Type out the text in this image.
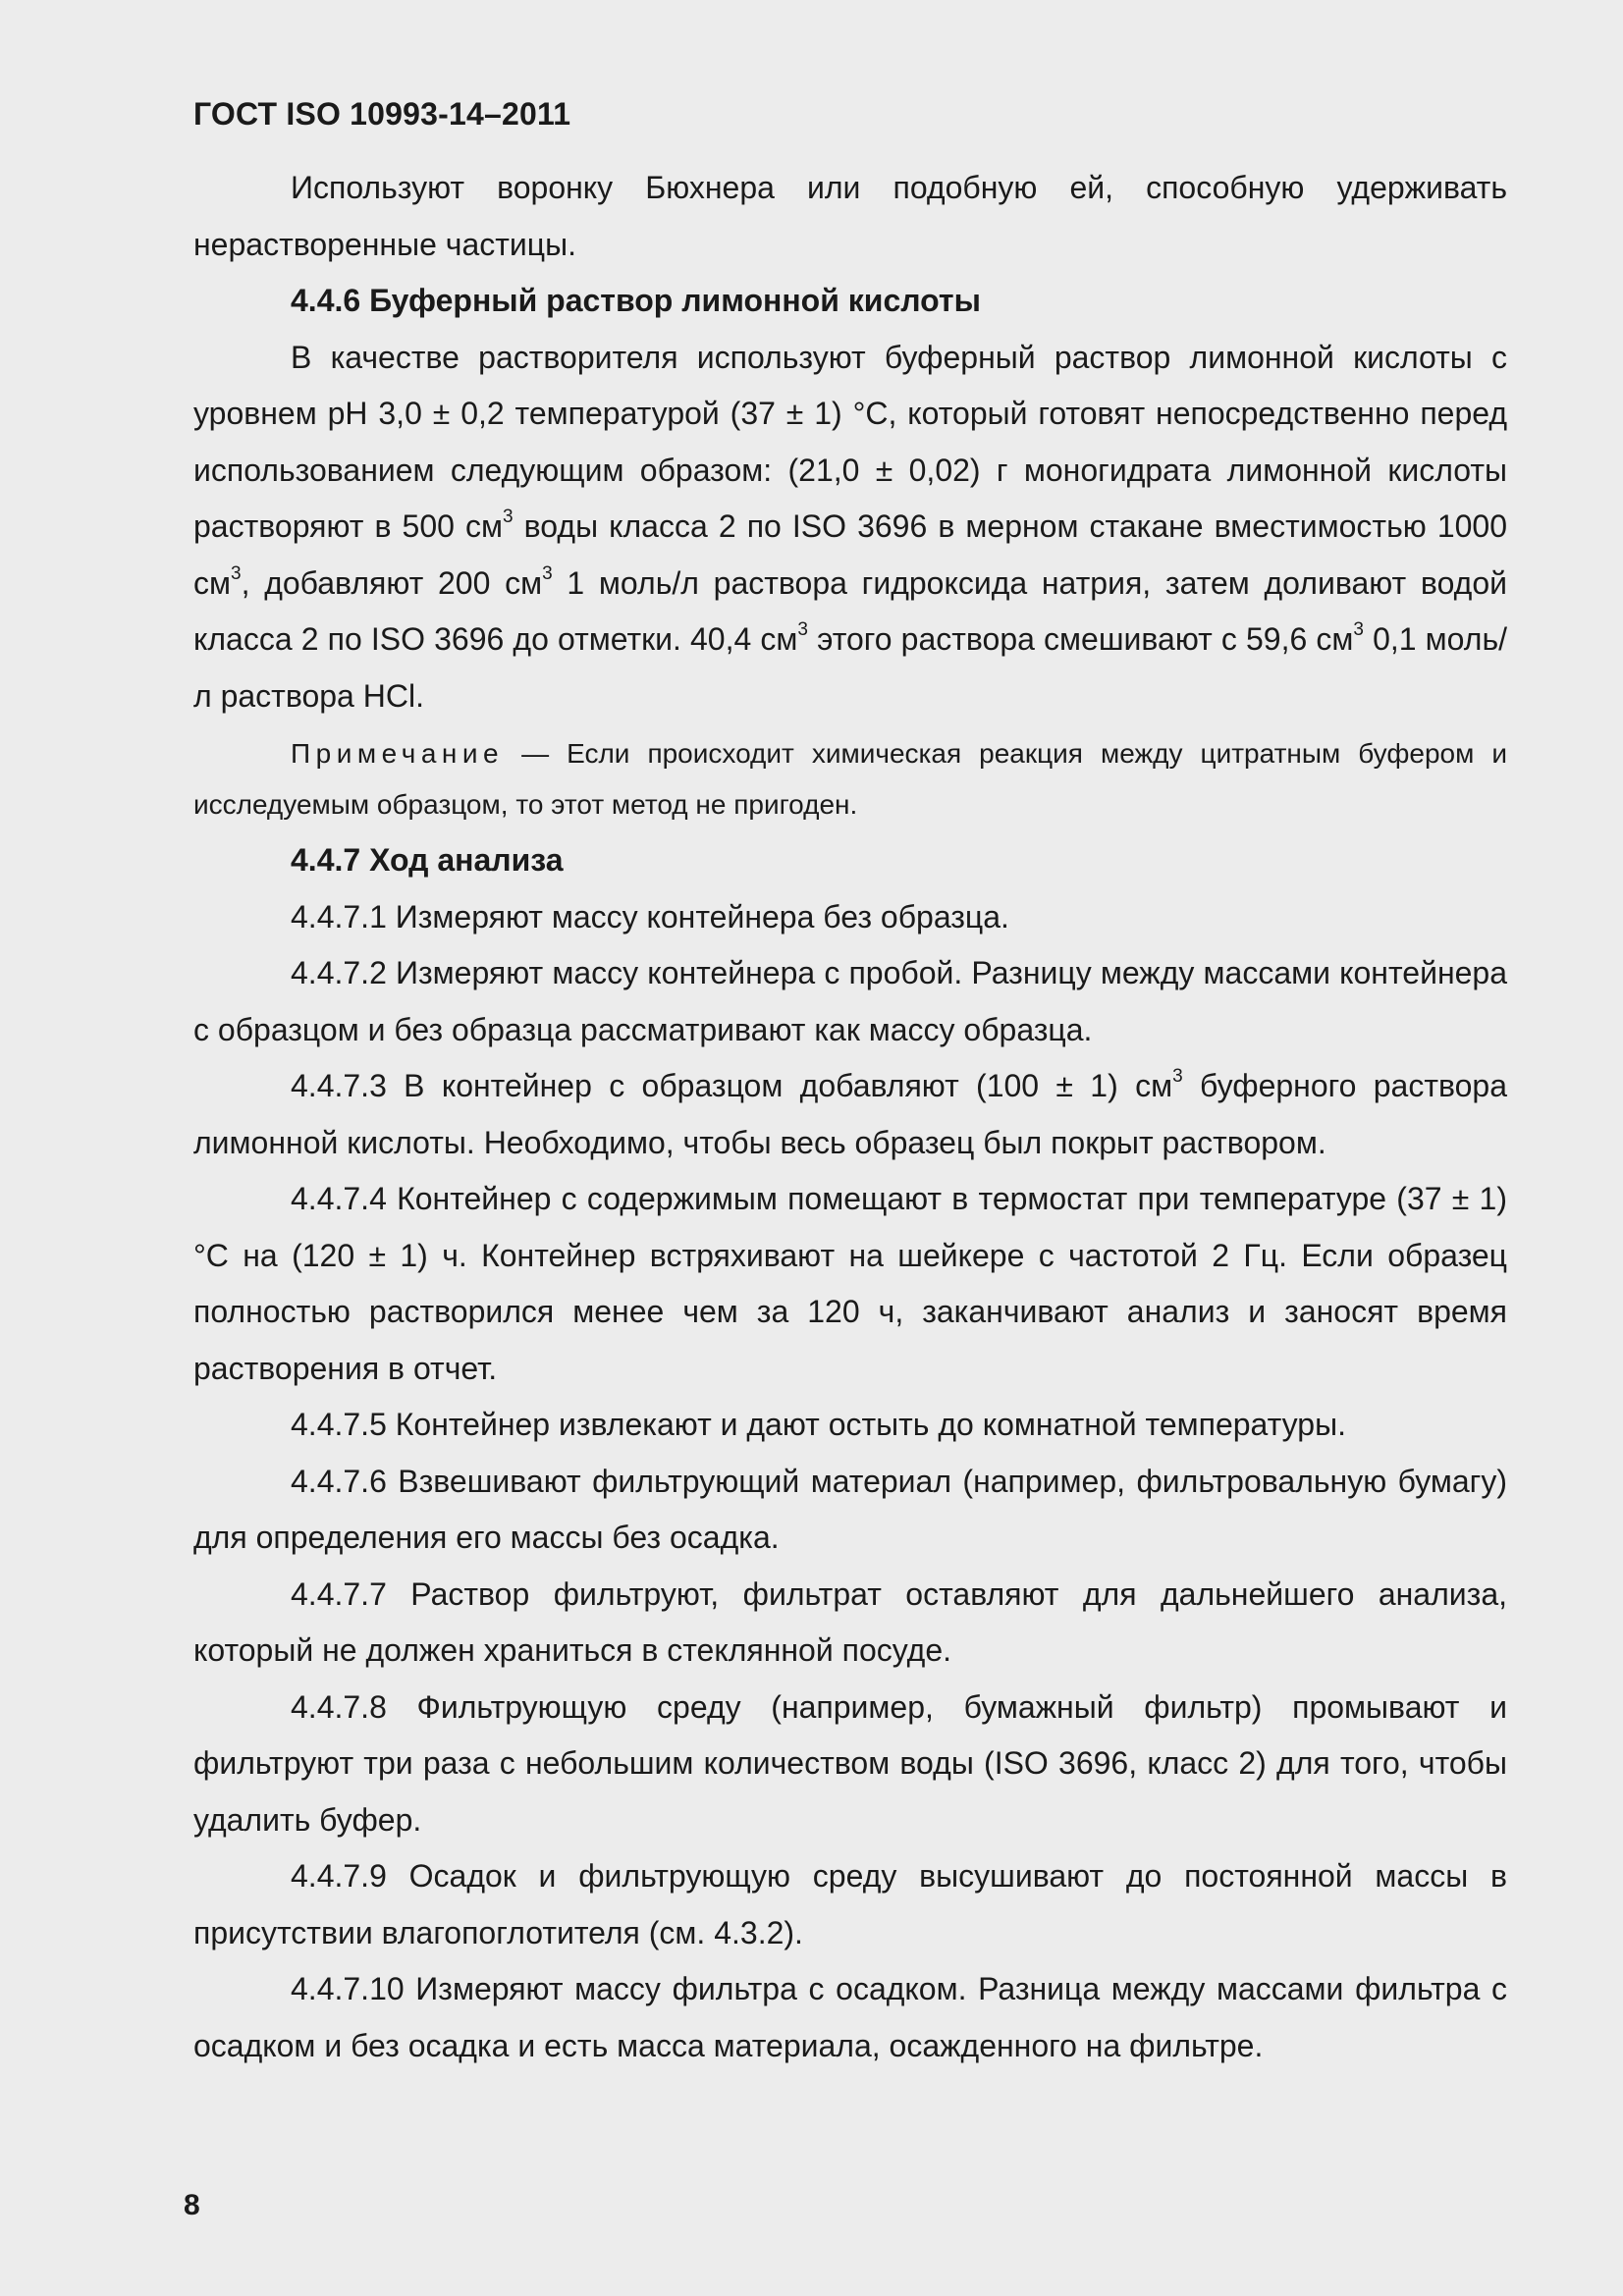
ГОСТ ISO 10993-14–2011

Используют воронку Бюхнера или подобную ей, способную удерживать нерастворенные частицы.

4.4.6 Буферный раствор лимонной кислоты

В качестве растворителя используют буферный раствор лимонной кислоты с уровнем pH 3,0 ± 0,2 температурой (37 ± 1) °С, который готовят непосредственно перед использованием следующим образом: (21,0 ± 0,02) г моногидрата лимонной кислоты растворяют в 500 $см^3$ воды класса 2 по ISO 3696 в мерном стакане вместимостью 1000 $см^3$, добавляют 200 $см^3$ 1 моль/л раствора гидроксида натрия, затем доливают водой класса 2 по ISO 3696 до отметки. 40,4 $см^3$ этого раствора смешивают с 59,6 $см^3$ 0,1 моль/л раствора HCl.

Примечание — Если происходит химическая реакция между цитратным буфером и исследуемым образцом, то этот метод не пригоден.

4.4.7 Ход анализа

4.4.7.1 Измеряют массу контейнера без образца.

4.4.7.2 Измеряют массу контейнера с пробой. Разницу между массами контейнера с образцом и без образца рассматривают как массу образца.

4.4.7.3 В контейнер с образцом добавляют (100 ± 1) $см^3$ буферного раствора лимонной кислоты. Необходимо, чтобы весь образец был покрыт раствором.

4.4.7.4 Контейнер с содержимым помещают в термостат при температуре (37 ± 1) °С на (120 ± 1) ч. Контейнер встряхивают на шейкере с частотой 2 Гц. Если образец полностью растворился менее чем за 120 ч, заканчивают анализ и заносят время растворения в отчет.

4.4.7.5 Контейнер извлекают и дают остыть до комнатной температуры.

4.4.7.6 Взвешивают фильтрующий материал (например, фильтровальную бумагу) для определения его массы без осадка.

4.4.7.7 Раствор фильтруют, фильтрат оставляют для дальнейшего анализа, который не должен храниться в стеклянной посуде.

4.4.7.8 Фильтрующую среду (например, бумажный фильтр) промывают и фильтруют три раза с небольшим количеством воды (ISO 3696, класс 2) для того, чтобы удалить буфер.

4.4.7.9 Осадок и фильтрующую среду высушивают до постоянной массы в присутствии влагопоглотителя (см. 4.3.2).

4.4.7.10 Измеряют массу фильтра с осадком. Разница между массами фильтра с осадком и без осадка и есть масса материала, осажденного на фильтре.

8
